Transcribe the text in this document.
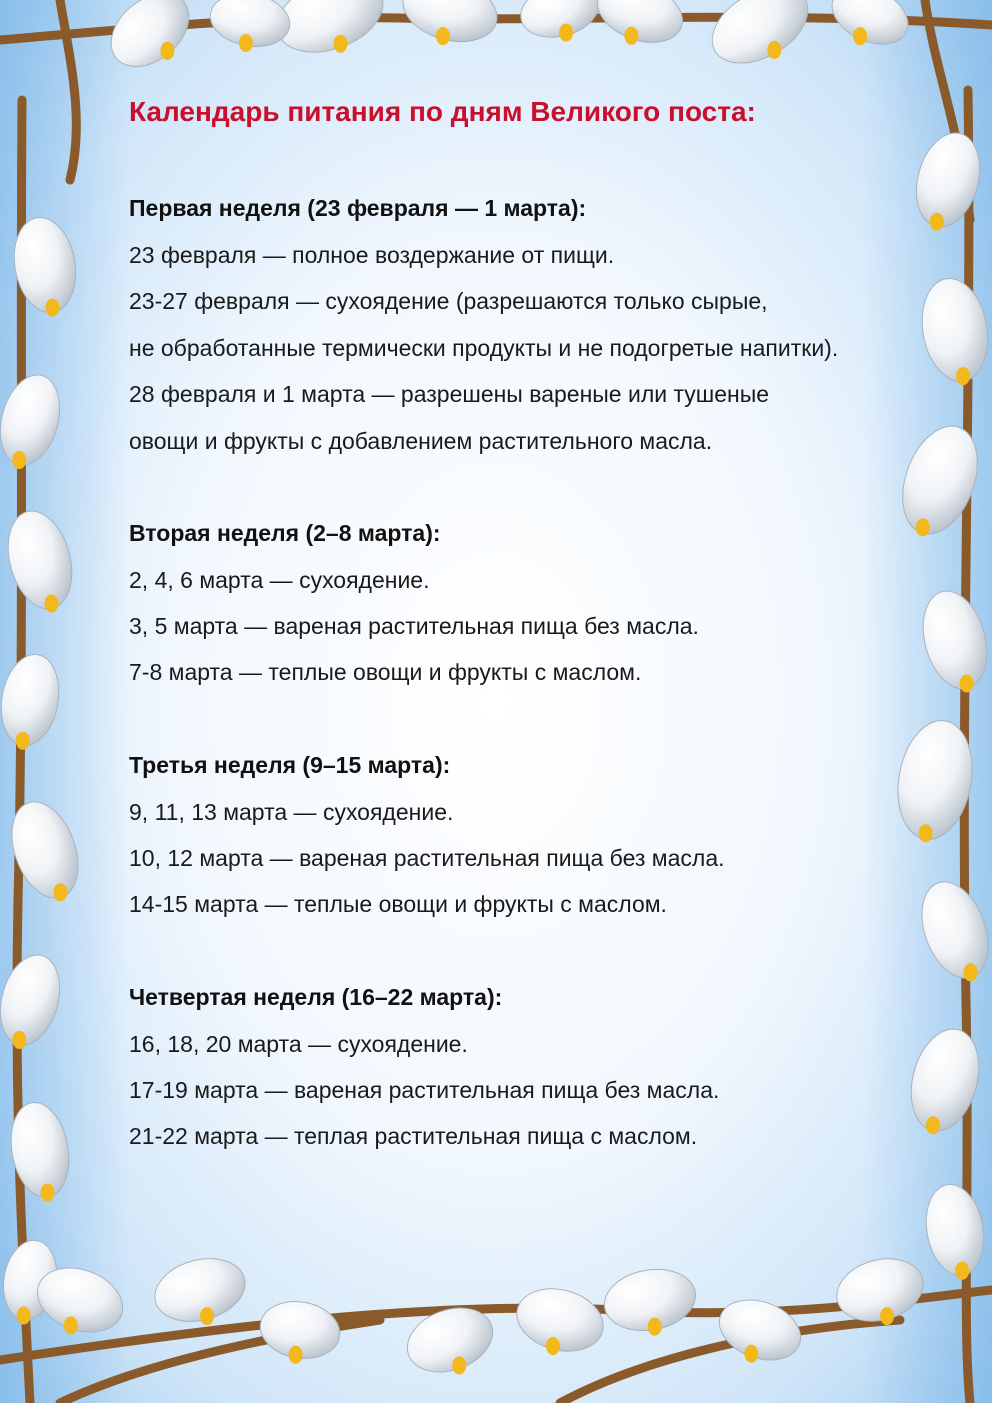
Календарь питания по дням Великого поста:
Первая неделя (23 февраля — 1 марта):
23 февраля — полное воздержание от пищи.
23-27 февраля — сухоядение (разрешаются только сырые,
не обработанные термически продукты и не подогретые напитки).
28 февраля и 1 марта — разрешены вареные или тушеные
овощи и фрукты с добавлением растительного масла.
Вторая неделя (2–8 марта):
2, 4, 6 марта — сухоядение.
3, 5 марта — вареная растительная пища без масла.
7-8 марта — теплые овощи и фрукты с маслом.
Третья неделя (9–15 марта):
9, 11, 13 марта — сухоядение.
10, 12 марта — вареная растительная пища без масла.
14-15 марта — теплые овощи и фрукты с маслом.
Четвертая неделя (16–22 марта):
16, 18, 20 марта — сухоядение.
17-19 марта — вареная растительная пища без масла.
21-22 марта — теплая растительная пища с маслом.
